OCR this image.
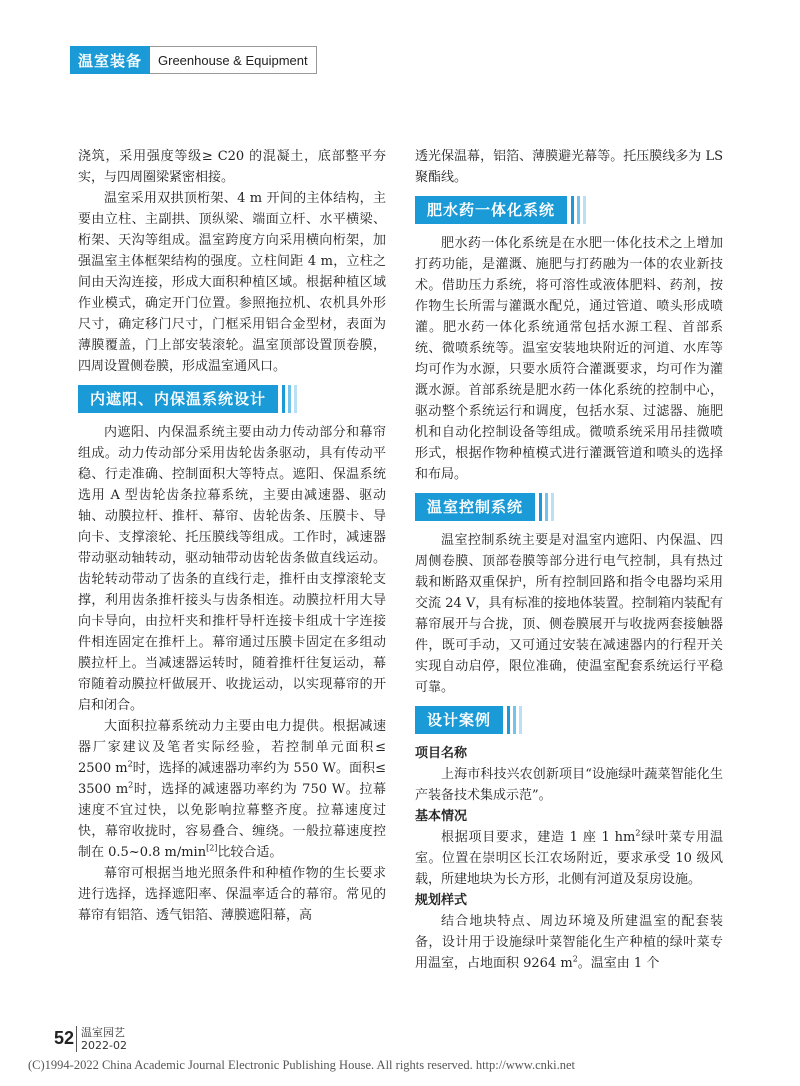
温室装备	Greenhouse & Equipment

浇筑，采用强度等级≥ C20 的混凝土，底部整平夯实，与四周圈梁紧密相接。

温室采用双拱顶桁架、4 m 开间的主体结构，主要由立柱、主副拱、顶纵梁、端面立杆、水平横梁、桁架、天沟等组成。温室跨度方向采用横向桁架，加强温室主体框架结构的强度。立柱间距 4 m，立柱之间由天沟连接，形成大面积种植区域。根据种植区域作业模式，确定开门位置。参照拖拉机、农机具外形尺寸，确定移门尺寸，门框采用铝合金型材，表面为薄膜覆盖，门上部安装滚轮。温室顶部设置顶卷膜，四周设置侧卷膜，形成温室通风口。

内遮阳、内保温系统设计

内遮阳、内保温系统主要由动力传动部分和幕帘组成。动力传动部分采用齿轮齿条驱动，具有传动平稳、行走准确、控制面积大等特点。遮阳、保温系统选用 A 型齿轮齿条拉幕系统，主要由减速器、驱动轴、动膜拉杆、推杆、幕帘、齿轮齿条、压膜卡、导向卡、支撑滚轮、托压膜线等组成。工作时，减速器带动驱动轴转动，驱动轴带动齿轮齿条做直线运动。齿轮转动带动了齿条的直线行走，推杆由支撑滚轮支撑，利用齿条推杆接头与齿条相连。动膜拉杆用大导向卡导向，由拉杆夹和推杆导杆连接卡组成十字连接件相连固定在推杆上。幕帘通过压膜卡固定在多组动膜拉杆上。当减速器运转时，随着推杆往复运动，幕帘随着动膜拉杆做展开、收拢运动，以实现幕帘的开启和闭合。

大面积拉幕系统动力主要由电力提供。根据减速器厂家建议及笔者实际经验，若控制单元面积≤ 2500 $m^2$时，选择的减速器功率约为 550 W。面积≤ 3500 $m^2$时，选择的减速器功率约为 750 W。拉幕速度不宜过快，以免影响拉幕整齐度。拉幕速度过快，幕帘收拢时，容易叠合、缠绕。一般拉幕速度控制在 0.5~0.8 m/min[2]比较合适。

幕帘可根据当地光照条件和种植作物的生长要求进行选择，选择遮阳率、保温率适合的幕帘。常见的幕帘有铝箔、透气铝箔、薄膜遮阳幕，高

透光保温幕，铝箔、薄膜避光幕等。托压膜线多为 LS 聚酯线。

肥水药一体化系统

肥水药一体化系统是在水肥一体化技术之上增加打药功能，是灌溉、施肥与打药融为一体的农业新技术。借助压力系统，将可溶性或液体肥料、药剂，按作物生长所需与灌溉水配兑，通过管道、喷头形成喷灌。肥水药一体化系统通常包括水源工程、首部系统、微喷系统等。温室安装地块附近的河道、水库等均可作为水源，只要水质符合灌溉要求，均可作为灌溉水源。首部系统是肥水药一体化系统的控制中心，驱动整个系统运行和调度，包括水泵、过滤器、施肥机和自动化控制设备等组成。微喷系统采用吊挂微喷形式，根据作物种植模式进行灌溉管道和喷头的选择和布局。

温室控制系统

温室控制系统主要是对温室内遮阳、内保温、四周侧卷膜、顶部卷膜等部分进行电气控制，具有热过载和断路双重保护，所有控制回路和指令电器均采用交流 24 V，具有标准的接地体装置。控制箱内装配有幕帘展开与合拢，顶、侧卷膜展开与收拢两套接触器件，既可手动，又可通过安装在减速器内的行程开关实现自动启停，限位准确，使温室配套系统运行平稳可靠。

设计案例

项目名称

上海市科技兴农创新项目“设施绿叶蔬菜智能化生产装备技术集成示范”。

基本情况

根据项目要求，建造 1 座 1 $hm^2$绿叶菜专用温室。位置在崇明区长江农场附近，要求承受 10 级风载，所建地块为长方形，北侧有河道及泵房设施。

规划样式

结合地块特点、周边环境及所建温室的配套装备，设计用于设施绿叶菜智能化生产种植的绿叶菜专用温室，占地面积 9264 $m^2$。温室由 1 个

52 温室园艺
2022-02
(C)1994-2022 China Academic Journal Electronic Publishing House. All rights reserved. http://www.cnki.net
